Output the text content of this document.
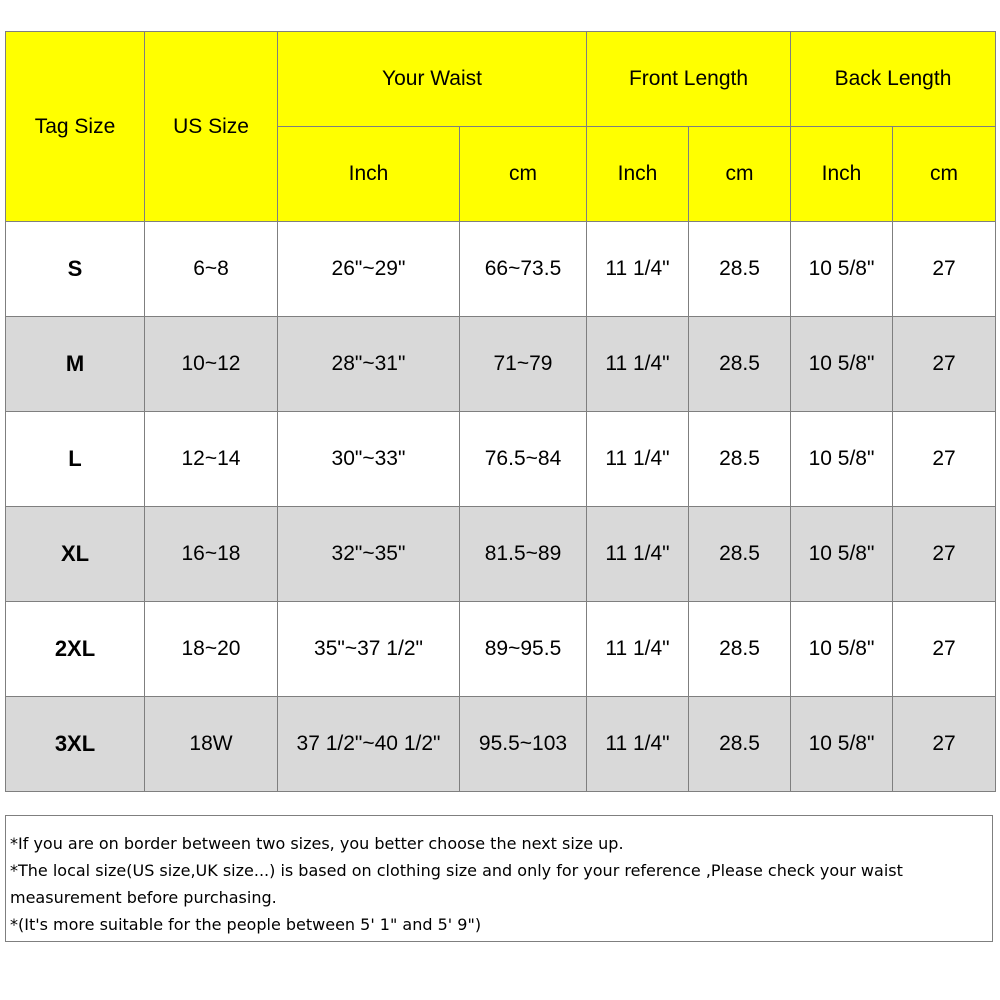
Tag Size	US Size	Your Waist		Front Length		Back Length	
		Inch	cm	Inch	cm	Inch	cm
S	6~8	26"~29"	66~73.5	11 1/4"	28.5	10 5/8"	27
M	10~12	28"~31"	71~79	11 1/4"	28.5	10 5/8"	27
L	12~14	30"~33"	76.5~84	11 1/4"	28.5	10 5/8"	27
XL	16~18	32"~35"	81.5~89	11 1/4"	28.5	10 5/8"	27
2XL	18~20	35"~37 1/2"	89~95.5	11 1/4"	28.5	10 5/8"	27
3XL	18W	37 1/2"~40 1/2"	95.5~103	11 1/4"	28.5	10 5/8"	27

*If you are on border between two sizes, you better choose the next size up.

*The local size(US size,UK size...) is based on clothing size and only for your reference ,Please check your waist measurement before purchasing.

*(It's more suitable for the people between 5' 1" and 5' 9")
